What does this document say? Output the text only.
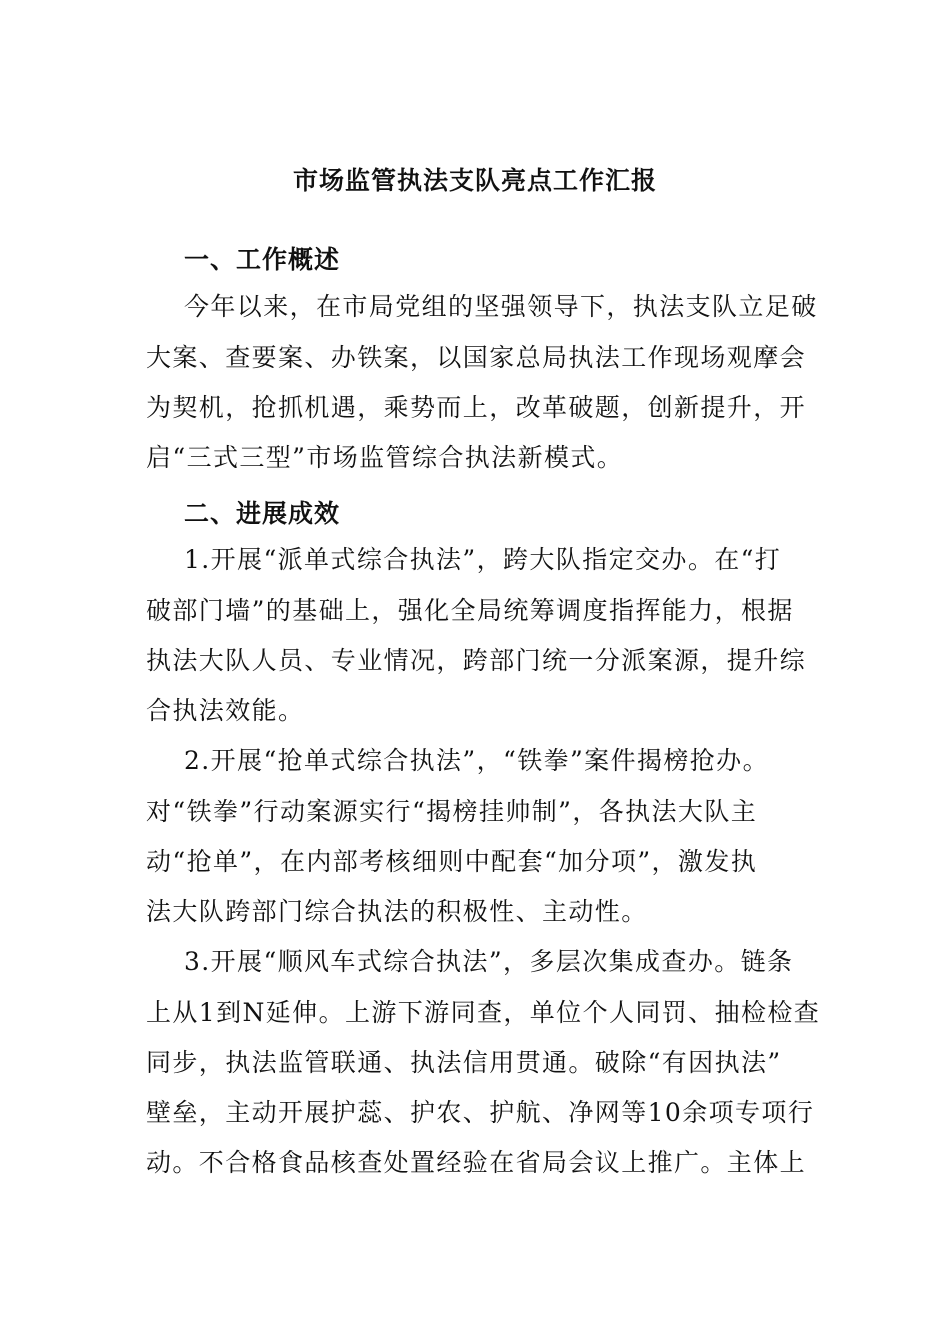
市场监管执法支队亮点工作汇报
一、工作概述
今年以来，在市局党组的坚强领导下，执法支队立足破
大案、查要案、办铁案，以国家总局执法工作现场观摩会
为契机，抢抓机遇，乘势而上，改革破题，创新提升，开
启“三式三型”市场监管综合执法新模式。
二、进展成效
1.开展“派单式综合执法”，跨大队指定交办。在“打
破部门墙”的基础上，强化全局统筹调度指挥能力，根据
执法大队人员、专业情况，跨部门统一分派案源，提升综
合执法效能。
2.开展“抢单式综合执法”，“铁拳”案件揭榜抢办。
对“铁拳”行动案源实行“揭榜挂帅制”，各执法大队主
动“抢单”，在内部考核细则中配套“加分项”，激发执
法大队跨部门综合执法的积极性、主动性。
3.开展“顺风车式综合执法”，多层次集成查办。链条
上从1到N延伸。上游下游同查，单位个人同罚、抽检检查
同步，执法监管联通、执法信用贯通。破除“有因执法”
壁垒，主动开展护蕊、护农、护航、净网等10余项专项行
动。不合格食品核查处置经验在省局会议上推广。主体上
